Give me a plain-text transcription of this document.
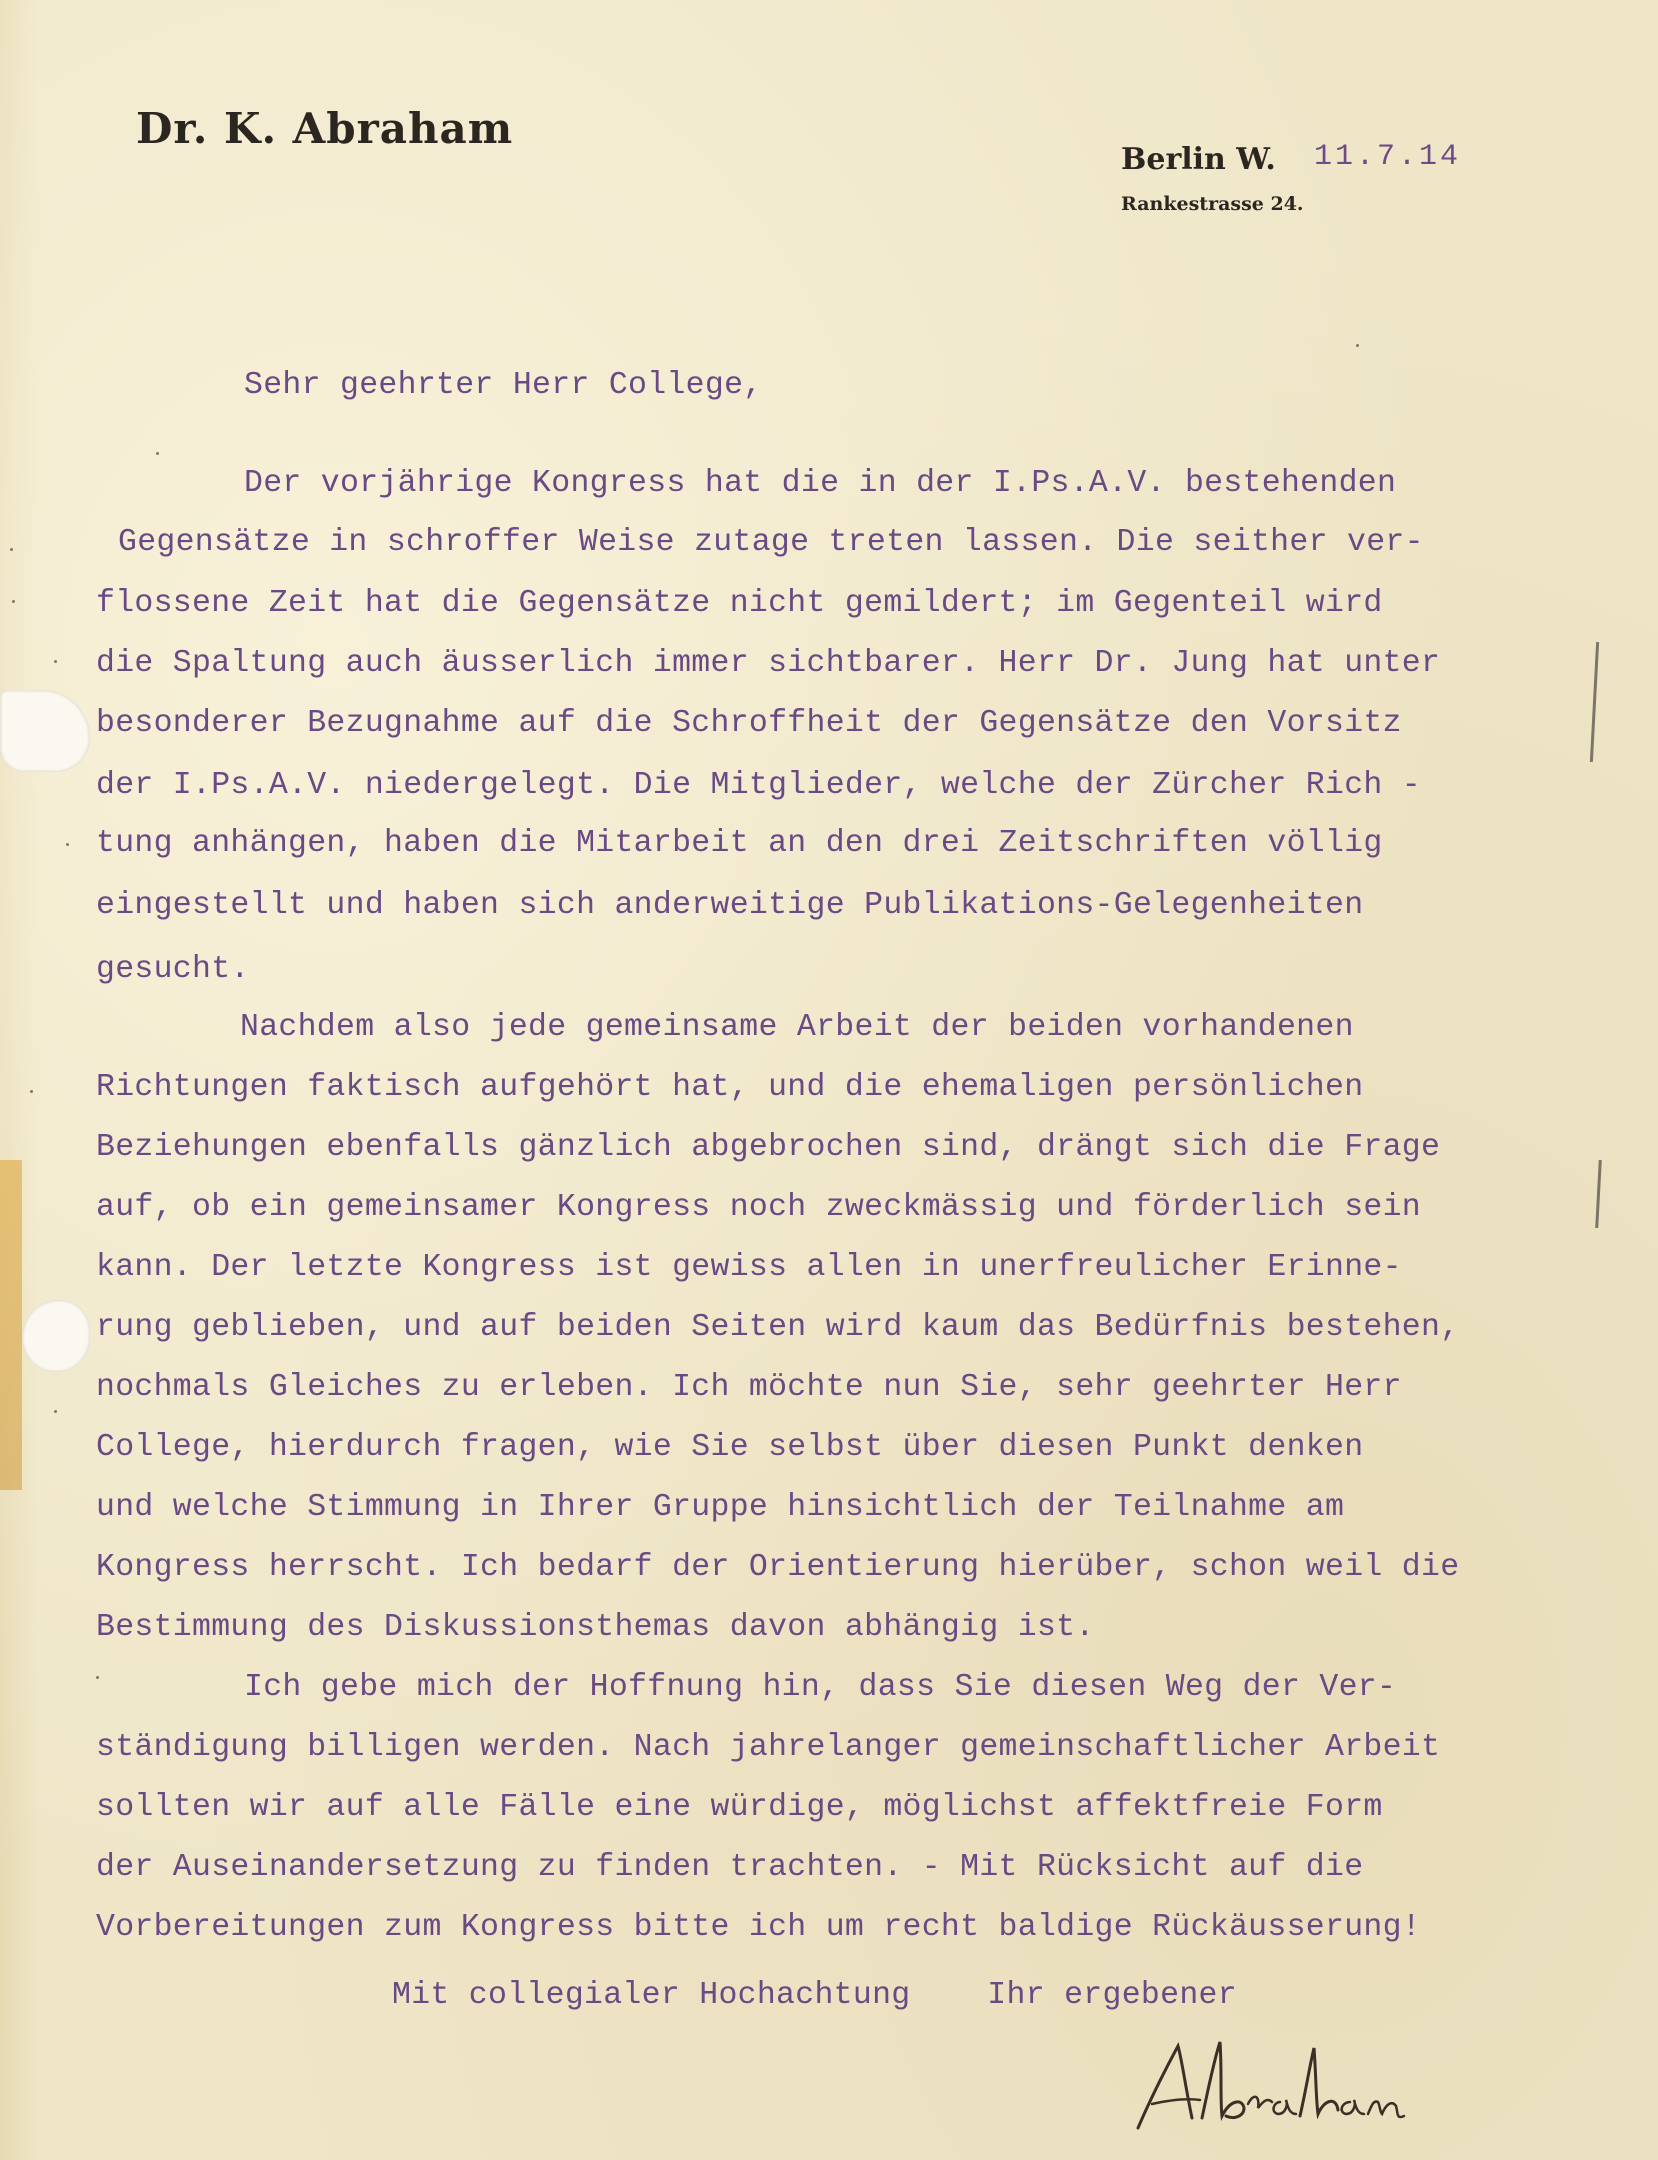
Dr. K. Abraham
Berlin W.
Rankestrasse 24.
11.7.14
Sehr geehrter Herr College,
Der vorjährige Kongress hat die in der I.Ps.A.V. bestehenden
Gegensätze in schroffer Weise zutage treten lassen. Die seither ver-
flossene Zeit hat die Gegensätze nicht gemildert; im Gegenteil wird
die Spaltung auch äusserlich immer sichtbarer. Herr Dr. Jung hat unter
besonderer Bezugnahme auf die Schroffheit der Gegensätze den Vorsitz
der I.Ps.A.V. niedergelegt. Die Mitglieder, welche der Zürcher Rich -
tung anhängen, haben die Mitarbeit an den drei Zeitschriften völlig
eingestellt und haben sich anderweitige Publikations-Gelegenheiten
gesucht.
Nachdem also jede gemeinsame Arbeit der beiden vorhandenen
Richtungen faktisch aufgehört hat, und die ehemaligen persönlichen
Beziehungen ebenfalls gänzlich abgebrochen sind, drängt sich die Frage
auf, ob ein gemeinsamer Kongress noch zweckmässig und förderlich sein
kann. Der letzte Kongress ist gewiss allen in unerfreulicher Erinne-
rung geblieben, und auf beiden Seiten wird kaum das Bedürfnis bestehen,
nochmals Gleiches zu erleben. Ich möchte nun Sie, sehr geehrter Herr
College, hierdurch fragen, wie Sie selbst über diesen Punkt denken
und welche Stimmung in Ihrer Gruppe hinsichtlich der Teilnahme am
Kongress herrscht. Ich bedarf der Orientierung hierüber, schon weil die
Bestimmung des Diskussionsthemas davon abhängig ist.
Ich gebe mich der Hoffnung hin, dass Sie diesen Weg der Ver-
ständigung billigen werden. Nach jahrelanger gemeinschaftlicher Arbeit
sollten wir auf alle Fälle eine würdige, möglichst affektfreie Form
der Auseinandersetzung zu finden trachten. - Mit Rücksicht auf die
Vorbereitungen zum Kongress bitte ich um recht baldige Rückäusserung!
Mit collegialer Hochachtung    Ihr ergebener
